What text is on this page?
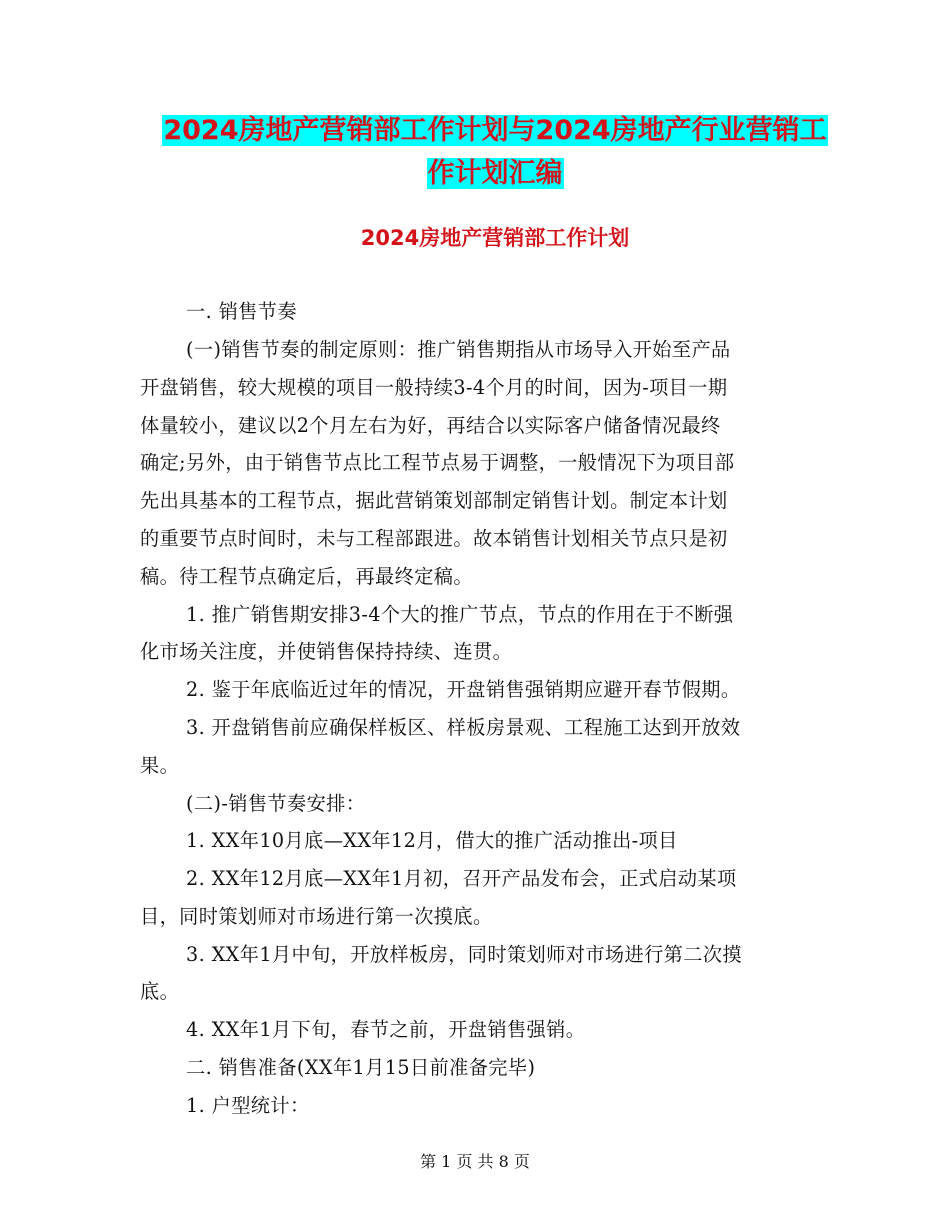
2024房地产营销部工作计划与2024房地产行业营销工
作计划汇编
2024房地产营销部工作计划
一. 销售节奏
(一)销售节奏的制定原则：推广销售期指从市场导入开始至产品
开盘销售，较大规模的项目一般持续3-4个月的时间，因为-项目一期
体量较小，建议以2个月左右为好，再结合以实际客户储备情况最终
确定;另外，由于销售节点比工程节点易于调整，一般情况下为项目部
先出具基本的工程节点，据此营销策划部制定销售计划。制定本计划
的重要节点时间时，未与工程部跟进。故本销售计划相关节点只是初
稿。待工程节点确定后，再最终定稿。
1. 推广销售期安排3-4个大的推广节点，节点的作用在于不断强
化市场关注度，并使销售保持持续、连贯。
2. 鉴于年底临近过年的情况，开盘销售强销期应避开春节假期。
3. 开盘销售前应确保样板区、样板房景观、工程施工达到开放效
果。
(二)-销售节奏安排：
1. XX年10月底—XX年12月，借大的推广活动推出-项目
2. XX年12月底—XX年1月初，召开产品发布会，正式启动某项
目，同时策划师对市场进行第一次摸底。
3. XX年1月中旬，开放样板房，同时策划师对市场进行第二次摸
底。
4. XX年1月下旬，春节之前，开盘销售强销。
二. 销售准备(XX年1月15日前准备完毕)
1. 户型统计：
第 1 页 共 8 页
